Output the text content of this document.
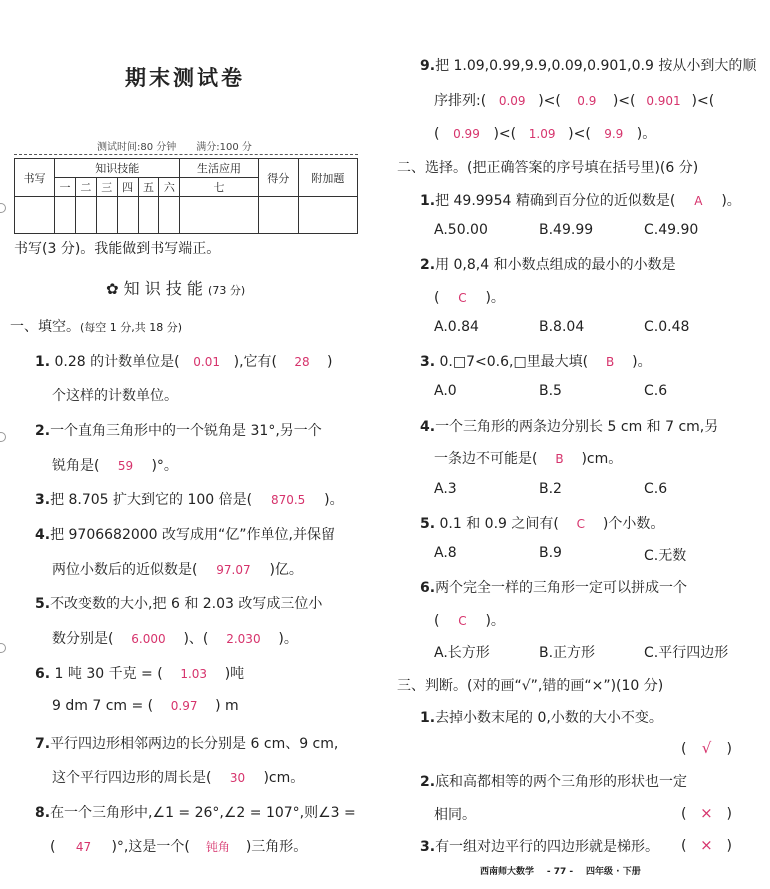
期末测试卷
测试时间:80 分钟　　满分:100 分
书写	知识技能						生活应用	得分	附加题
	一	二	三	四	五	六	七		

书写(3 分)。我能做到书写端正。
✿ 知 识 技 能 (73 分)
一、填空。(每空 1 分,共 18 分)
1. 0.28 的计数单位是( 0.01 ),它有( 28 )
个这样的计数单位。
2.一个直角三角形中的一个锐角是 31°,另一个
锐角是( 59 )°。
3.把 8.705 扩大到它的 100 倍是( 870.5 )。
4.把 9706682000 改写成用“亿”作单位,并保留
两位小数后的近似数是( 97.07 )亿。
5.不改变数的大小,把 6 和 2.03 改写成三位小
数分别是( 6.000 )、( 2.030 )。
6. 1 吨 30 千克 = ( 1.03 )吨
9 dm 7 cm = ( 0.97 ) m
7.平行四边形相邻两边的长分别是 6 cm、9 cm,
这个平行四边形的周长是( 30 )cm。
8.在一个三角形中,∠1 = 26°,∠2 = 107°,则∠3 =
( 47 )°,这是一个( 钝角 )三角形。
9.把 1.09,0.99,9.9,0.09,0.901,0.9 按从小到大的顺
序排列:( 0.09 )<( 0.9 )<( 0.901 )<(
( 0.99 )<( 1.09 )<( 9.9 )。
二、选择。(把正确答案的序号填在括号里)(6 分)
1.把 49.9954 精确到百分位的近似数是( A )。
A.50.00	B.49.99	C.49.90
2.用 0,8,4 和小数点组成的最小的小数是
( C )。
A.0.84	B.8.04	C.0.48
3. 0.□7<0.6,□里最大填( B )。
A.0	B.5	C.6
4.一个三角形的两条边分别长 5 cm 和 7 cm,另
一条边不可能是( B )cm。
A.3	B.2	C.6
5. 0.1 和 0.9 之间有( C )个小数。
A.8	B.9	C.无数
6.两个完全一样的三角形一定可以拼成一个
( C )。
A.长方形	B.正方形	C.平行四边形
三、判断。(对的画“√”,错的画“×”)(10 分)
1.去掉小数末尾的 0,小数的大小不变。
( √ )
2.底和高都相等的两个三角形的形状也一定
相同。	( × )
3.有一组对边平行的四边形就是梯形。 ( × )
西南师大数学 - 77 - 四年级 · 下册
